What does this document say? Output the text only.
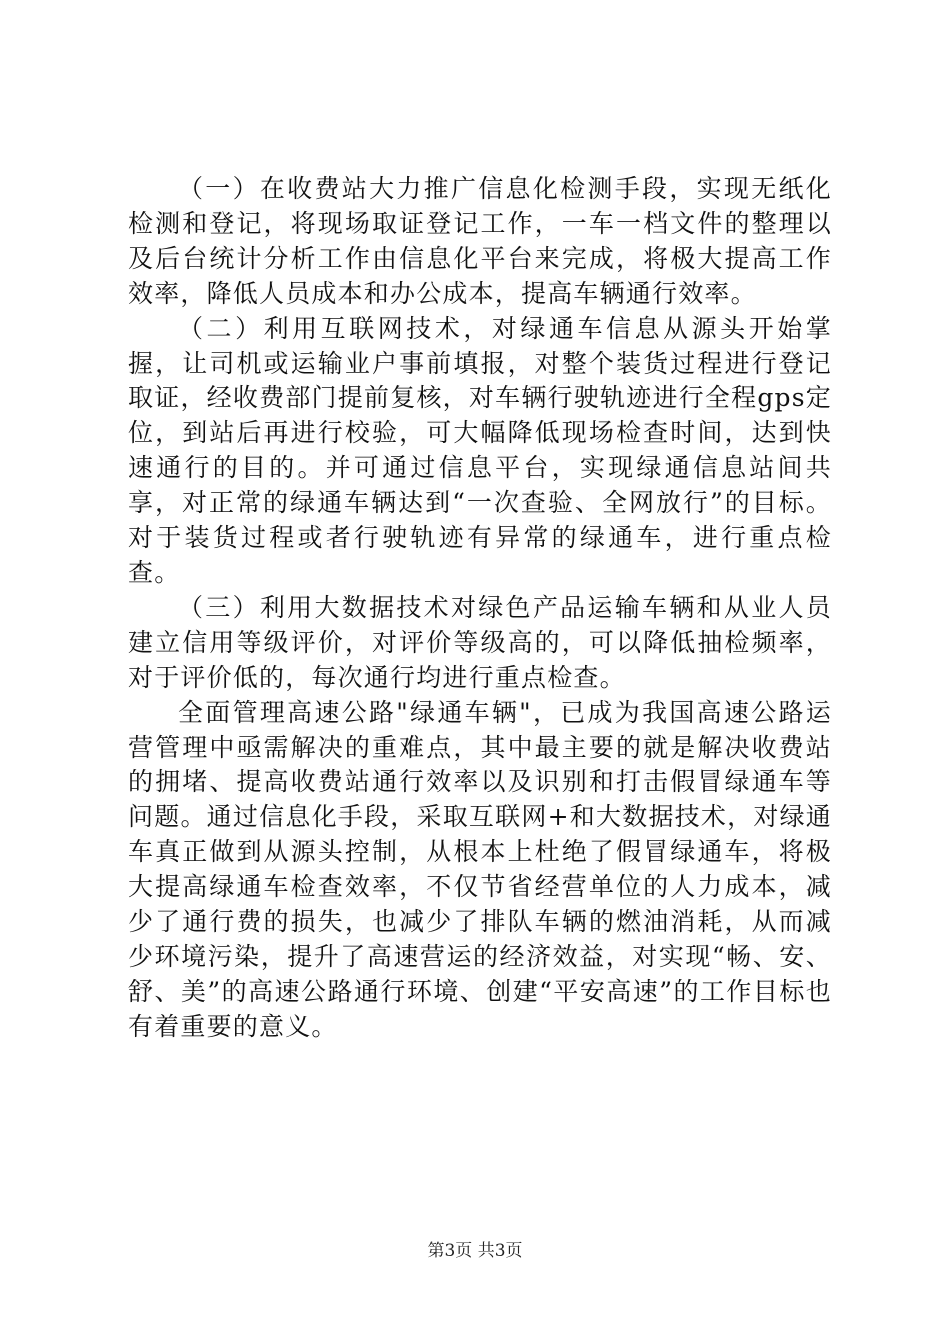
（一）在收费站大力推广信息化检测手段，实现无纸化检测和登记，将现场取证登记工作，一车一档文件的整理以及后台统计分析工作由信息化平台来完成，将极大提高工作效率，降低人员成本和办公成本，提高车辆通行效率。

（二）利用互联网技术，对绿通车信息从源头开始掌握，让司机或运输业户事前填报，对整个装货过程进行登记取证，经收费部门提前复核，对车辆行驶轨迹进行全程gps定位，到站后再进行校验，可大幅降低现场检查时间，达到快速通行的目的。并可通过信息平台，实现绿通信息站间共享，对正常的绿通车辆达到“一次查验、全网放行”的目标。对于装货过程或者行驶轨迹有异常的绿通车，进行重点检查。

（三）利用大数据技术对绿色产品运输车辆和从业人员建立信用等级评价，对评价等级高的，可以降低抽检频率，对于评价低的，每次通行均进行重点检查。

全面管理高速公路"绿通车辆"，已成为我国高速公路运营管理中亟需解决的重难点，其中最主要的就是解决收费站的拥堵、提高收费站通行效率以及识别和打击假冒绿通车等问题。通过信息化手段，采取互联网+和大数据技术，对绿通车真正做到从源头控制，从根本上杜绝了假冒绿通车，将极大提高绿通车检查效率，不仅节省经营单位的人力成本，减少了通行费的损失，也减少了排队车辆的燃油消耗，从而减少环境污染，提升了高速营运的经济效益，对实现“畅、安、舒、美”的高速公路通行环境、创建“平安高速”的工作目标也有着重要的意义。

第3页 共3页
